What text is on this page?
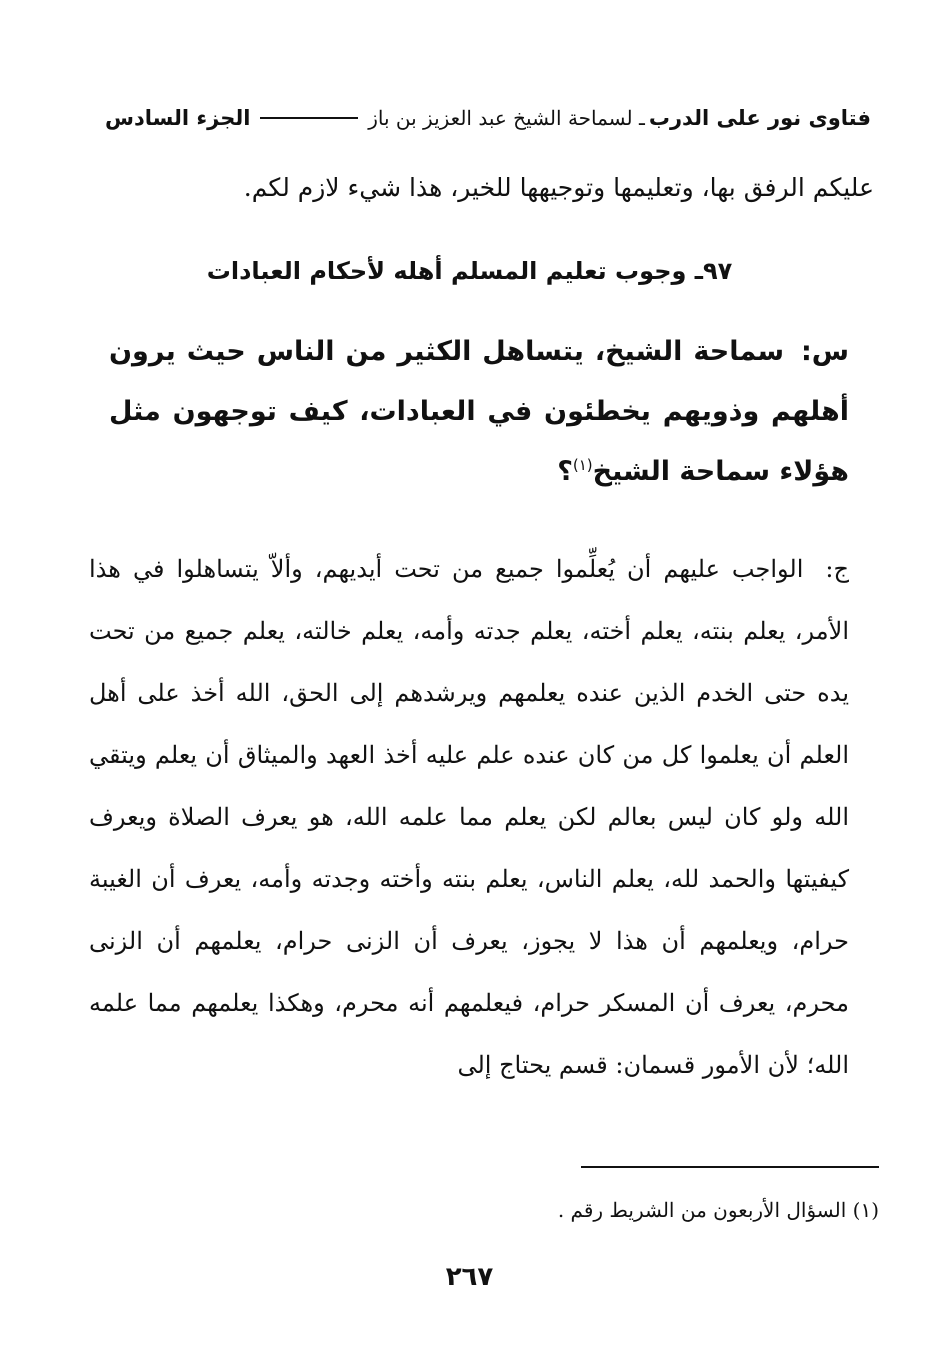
فتاوى نور على الدرب
ـ لسماحة الشيخ عبد العزيز بن باز
الجزء السادس
عليكم الرفق بها، وتعليمها وتوجيهها للخير، هذا شيء لازم لكم.
٩٧ـ وجوب تعليم المسلم أهله لأحكام العبادات
س: سماحة الشيخ، يتساهل الكثير من الناس حيث يرون أهلهم وذويهم يخطئون في العبادات، كيف توجهون مثل هؤلاء سماحة الشيخ$^{(١)}$؟
ج: الواجب عليهم أن يُعلِّموا جميع من تحت أيديهم، وألاّ يتساهلوا في هذا الأمر، يعلم بنته، يعلم أخته، يعلم جدته وأمه، يعلم خالته، يعلم جميع من تحت يده حتى الخدم الذين عنده يعلمهم ويرشدهم إلى الحق، الله أخذ على أهل العلم أن يعلموا كل من كان عنده علم عليه أخذ العهد والميثاق أن يعلم ويتقي الله ولو كان ليس بعالم لكن يعلم مما علمه الله، هو يعرف الصلاة ويعرف كيفيتها والحمد لله، يعلم الناس، يعلم بنته وأخته وجدته وأمه، يعرف أن الغيبة حرام، ويعلمهم أن هذا لا يجوز، يعرف أن الزنى حرام، يعلمهم أن الزنى محرم، يعرف أن المسكر حرام، فيعلمهم أنه محرم، وهكذا يعلمهم مما علمه الله؛ لأن الأمور قسمان: قسم يحتاج إلى
(١) السؤال الأربعون من الشريط رقم .
٢٦٧
